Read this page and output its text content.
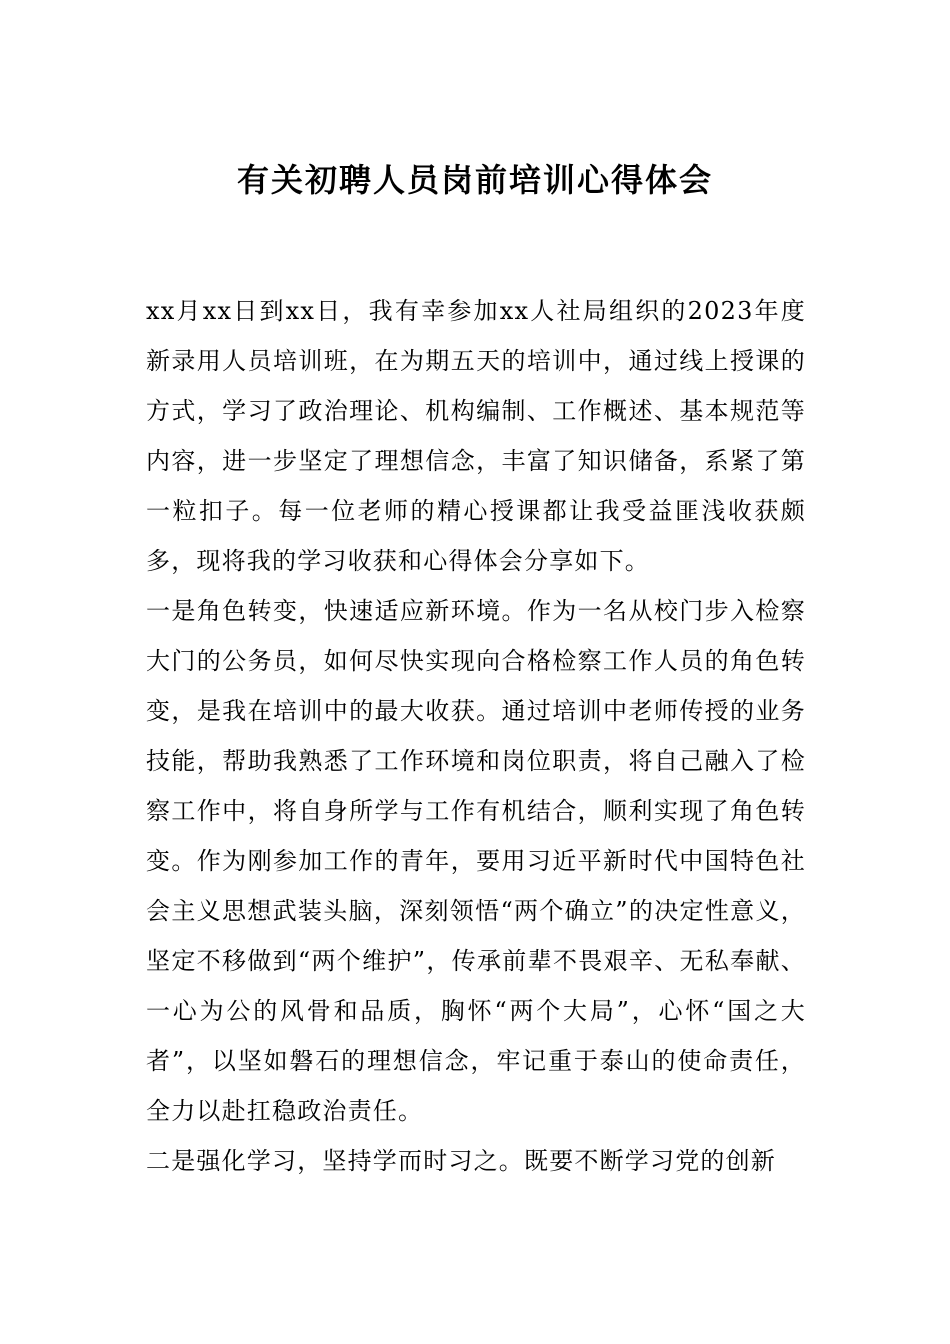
有关初聘人员岗前培训心得体会

xx月xx日到xx日，我有幸参加xx人社局组织的2023年度新录用人员培训班，在为期五天的培训中，通过线上授课的方式，学习了政治理论、机构编制、工作概述、基本规范等内容，进一步坚定了理想信念，丰富了知识储备，系紧了第一粒扣子。每一位老师的精心授课都让我受益匪浅收获颇多，现将我的学习收获和心得体会分享如下。

一是角色转变，快速适应新环境。作为一名从校门步入检察大门的公务员，如何尽快实现向合格检察工作人员的角色转变，是我在培训中的最大收获。通过培训中老师传授的业务技能，帮助我熟悉了工作环境和岗位职责，将自己融入了检察工作中，将自身所学与工作有机结合，顺利实现了角色转变。作为刚参加工作的青年，要用习近平新时代中国特色社会主义思想武装头脑，深刻领悟“两个确立”的决定性意义，坚定不移做到“两个维护”，传承前辈不畏艰辛、无私奉献、一心为公的风骨和品质，胸怀“两个大局”，心怀“国之大者”，以坚如磐石的理想信念，牢记重于泰山的使命责任，全力以赴扛稳政治责任。

二是强化学习，坚持学而时习之。既要不断学习党的创新
